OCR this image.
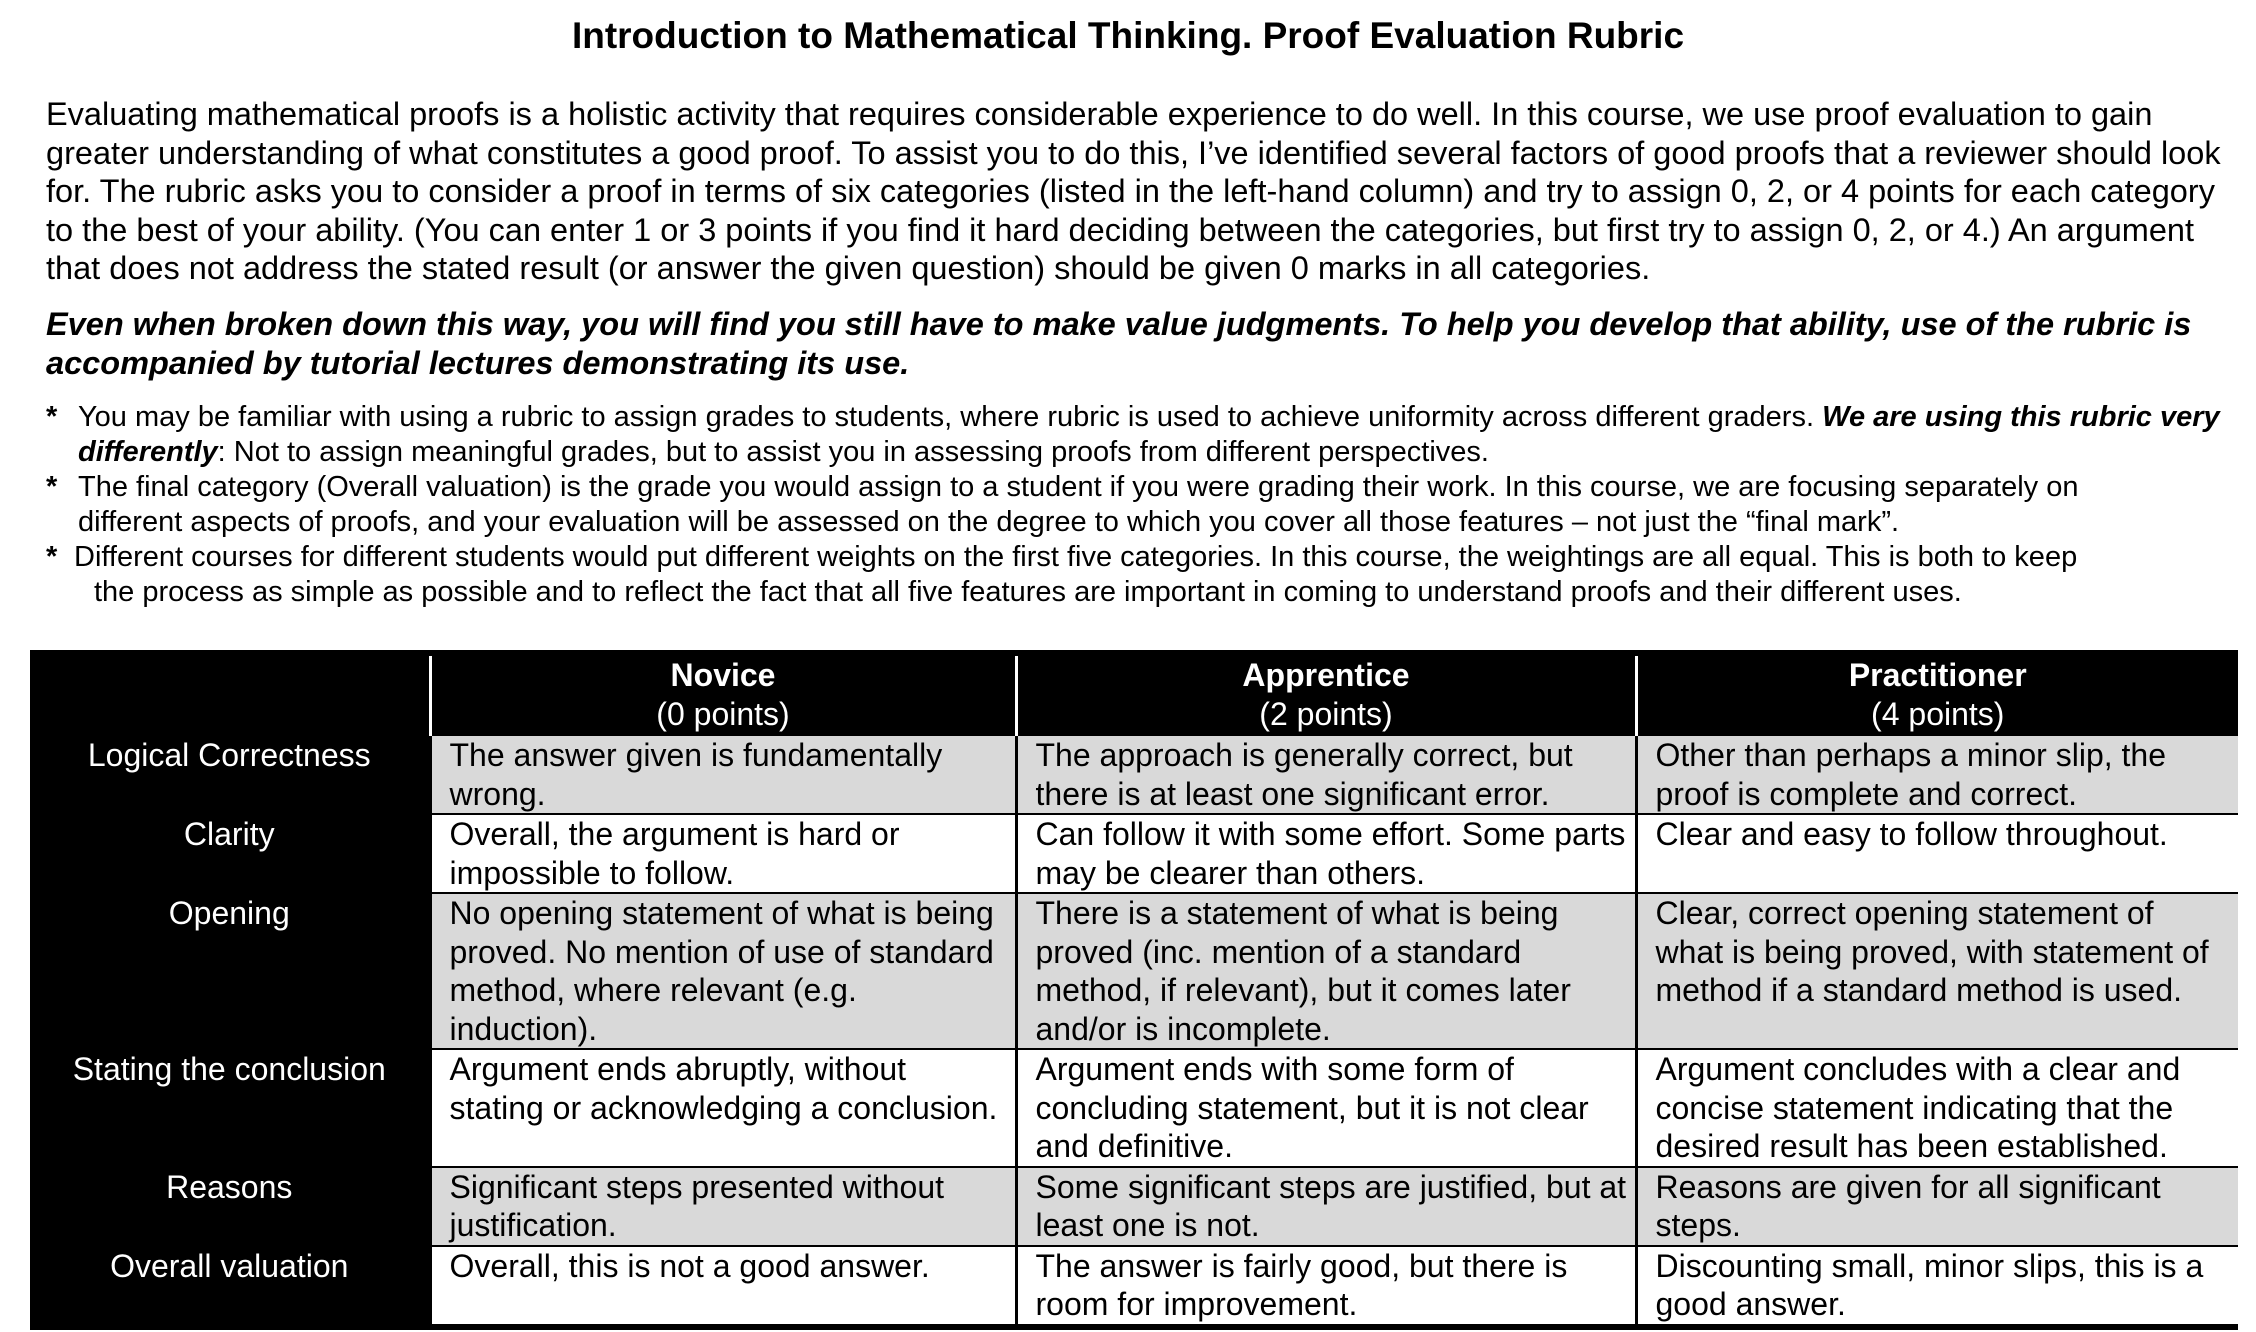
Introduction to Mathematical Thinking. Proof Evaluation Rubric

Evaluating mathematical proofs is a holistic activity that requires considerable experience to do well. In this course, we use proof evaluation to gain greater understanding of what constitutes a good proof. To assist you to do this, I’ve identified several factors of good proofs that a reviewer should look for. The rubric asks you to consider a proof in terms of six categories (listed in the left-hand column) and try to assign 0, 2, or 4 points for each category to the best of your ability. (You can enter 1 or 3 points if you find it hard deciding between the categories, but first try to assign 0, 2, or 4.) An argument that does not address the stated result (or answer the given question) should be given 0 marks in all categories.

Even when broken down this way, you will find you still have to make value judgments. To help you develop that ability, use of the rubric is accompanied by tutorial lectures demonstrating its use.

* You may be familiar with using a rubric to assign grades to students, where rubric is used to achieve uniformity across different graders. We are using this rubric very differently: Not to assign meaningful grades, but to assist you in assessing proofs from different perspectives.
* The final category (Overall valuation) is the grade you would assign to a student if you were grading their work. In this course, we are focusing separately on
different aspects of proofs, and your evaluation will be assessed on the degree to which you cover all those features – not just the “final mark”.
* Different courses for different students would put different weights on the first five categories. In this course, the weightings are all equal. This is both to keep
the process as simple as possible and to reflect the fact that all five features are important in coming to understand proofs and their different uses.
	Novice
(0 points)	Apprentice
(2 points)	Practitioner
(4 points)

Logical Correctness	The answer given is fundamentally wrong.	The approach is generally correct, but there is at least one significant error.	Other than perhaps a minor slip, the proof is complete and correct.
Clarity	Overall, the argument is hard or impossible to follow.	Can follow it with some effort. Some parts may be clearer than others.	Clear and easy to follow throughout.
Opening	No opening statement of what is being proved. No mention of use of standard method, where relevant (e.g. induction).	There is a statement of what is being proved (inc. mention of a standard method, if relevant), but it comes later and/or is incomplete.	Clear, correct opening statement of what is being proved, with statement of method if a standard method is used.
Stating the conclusion	Argument ends abruptly, without stating or acknowledging a conclusion.	Argument ends with some form of concluding statement, but it is not clear and definitive.	Argument concludes with a clear and concise statement indicating that the desired result has been established.
Reasons	Significant steps presented without justification.	Some significant steps are justified, but at least one is not.	Reasons are given for all significant steps.
Overall valuation	Overall, this is not a good answer.	The answer is fairly good, but there is room for improvement.	Discounting small, minor slips, this is a good answer.
